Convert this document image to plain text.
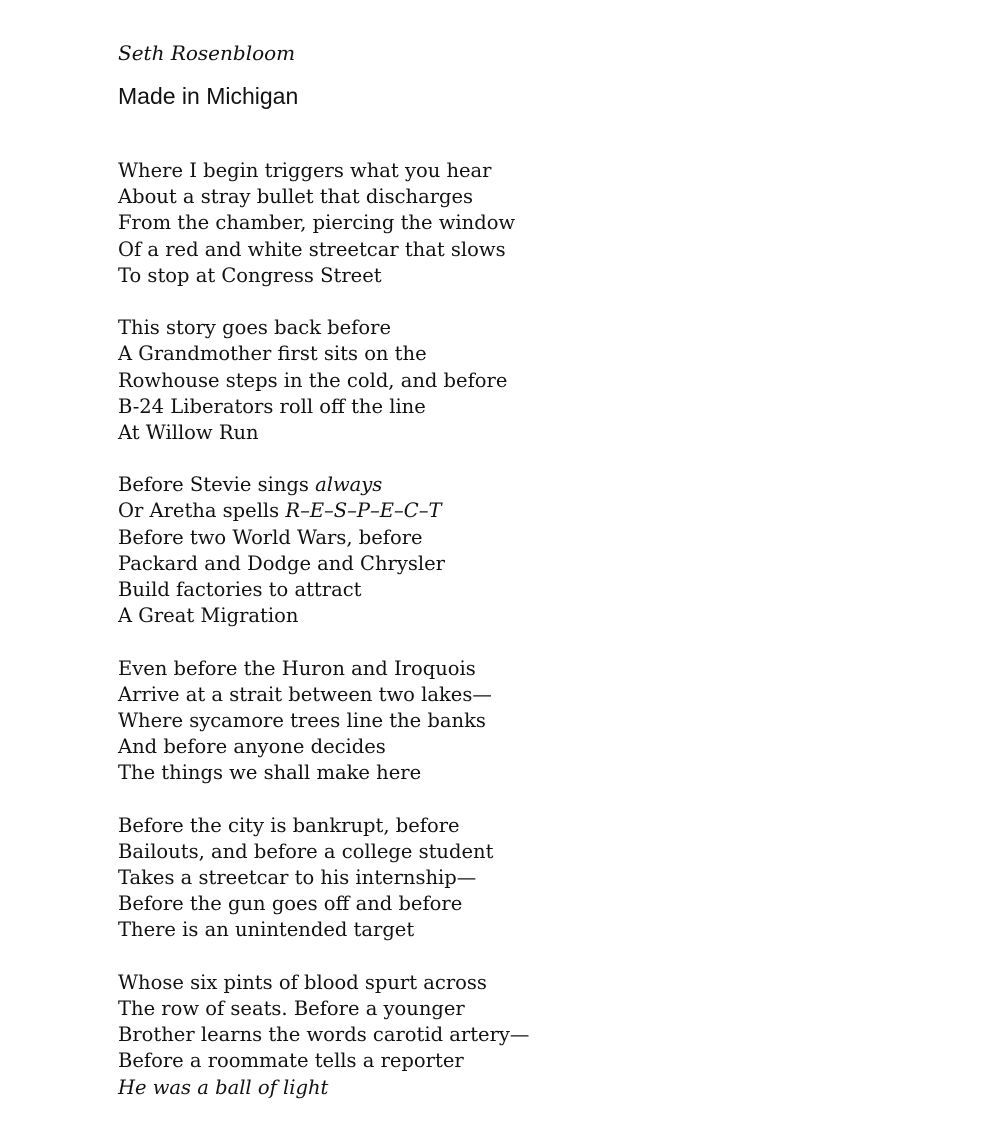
Seth Rosenbloom
Made in Michigan
Where I begin triggers what you hear
About a stray bullet that discharges
From the chamber, piercing the window
Of a red and white streetcar that slows
To stop at Congress Street
This story goes back before
A Grandmother first sits on the
Rowhouse steps in the cold, and before
B-24 Liberators roll off the line
At Willow Run
Before Stevie sings always
Or Aretha spells R–E–S–P–E–C–T
Before two World Wars, before
Packard and Dodge and Chrysler
Build factories to attract
A Great Migration
Even before the Huron and Iroquois
Arrive at a strait between two lakes—
Where sycamore trees line the banks
And before anyone decides
The things we shall make here
Before the city is bankrupt, before
Bailouts, and before a college student
Takes a streetcar to his internship—
Before the gun goes off and before
There is an unintended target
Whose six pints of blood spurt across
The row of seats. Before a younger
Brother learns the words carotid artery—
Before a roommate tells a reporter
He was a ball of light
